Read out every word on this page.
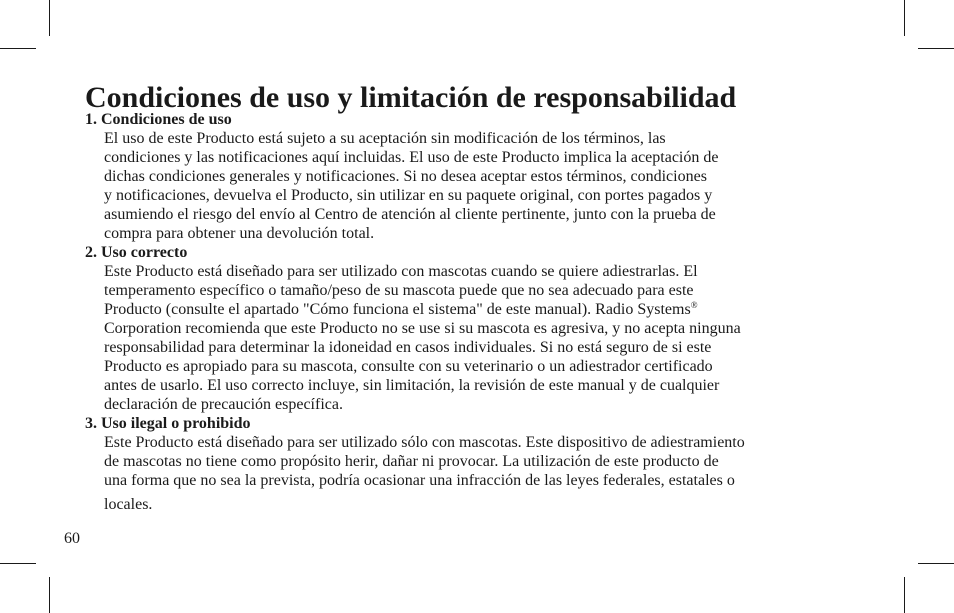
Condiciones de uso y limitación de responsabilidad
1. Condiciones de uso
El uso de este Producto está sujeto a su aceptación sin modificación de los términos, las
condiciones y las notificaciones aquí incluidas. El uso de este Producto implica la aceptación de
dichas condiciones generales y notificaciones. Si no desea aceptar estos términos, condiciones
y notificaciones, devuelva el Producto, sin utilizar en su paquete original, con portes pagados y
asumiendo el riesgo del envío al Centro de atención al cliente pertinente, junto con la prueba de
compra para obtener una devolución total.
2. Uso correcto
Este Producto está diseñado para ser utilizado con mascotas cuando se quiere adiestrarlas. El
temperamento específico o tamaño/peso de su mascota puede que no sea adecuado para este
Producto (consulte el apartado "Cómo funciona el sistema" de este manual). Radio Systems®
Corporation recomienda que este Producto no se use si su mascota es agresiva, y no acepta ninguna
responsabilidad para determinar la idoneidad en casos individuales. Si no está seguro de si este
Producto es apropiado para su mascota, consulte con su veterinario o un adiestrador certificado
antes de usarlo. El uso correcto incluye, sin limitación, la revisión de este manual y de cualquier
declaración de precaución específica.
3. Uso ilegal o prohibido
Este Producto está diseñado para ser utilizado sólo con mascotas. Este dispositivo de adiestramiento
de mascotas no tiene como propósito herir, dañar ni provocar. La utilización de este producto de
una forma que no sea la prevista, podría ocasionar una infracción de las leyes federales, estatales o
locales.
60
